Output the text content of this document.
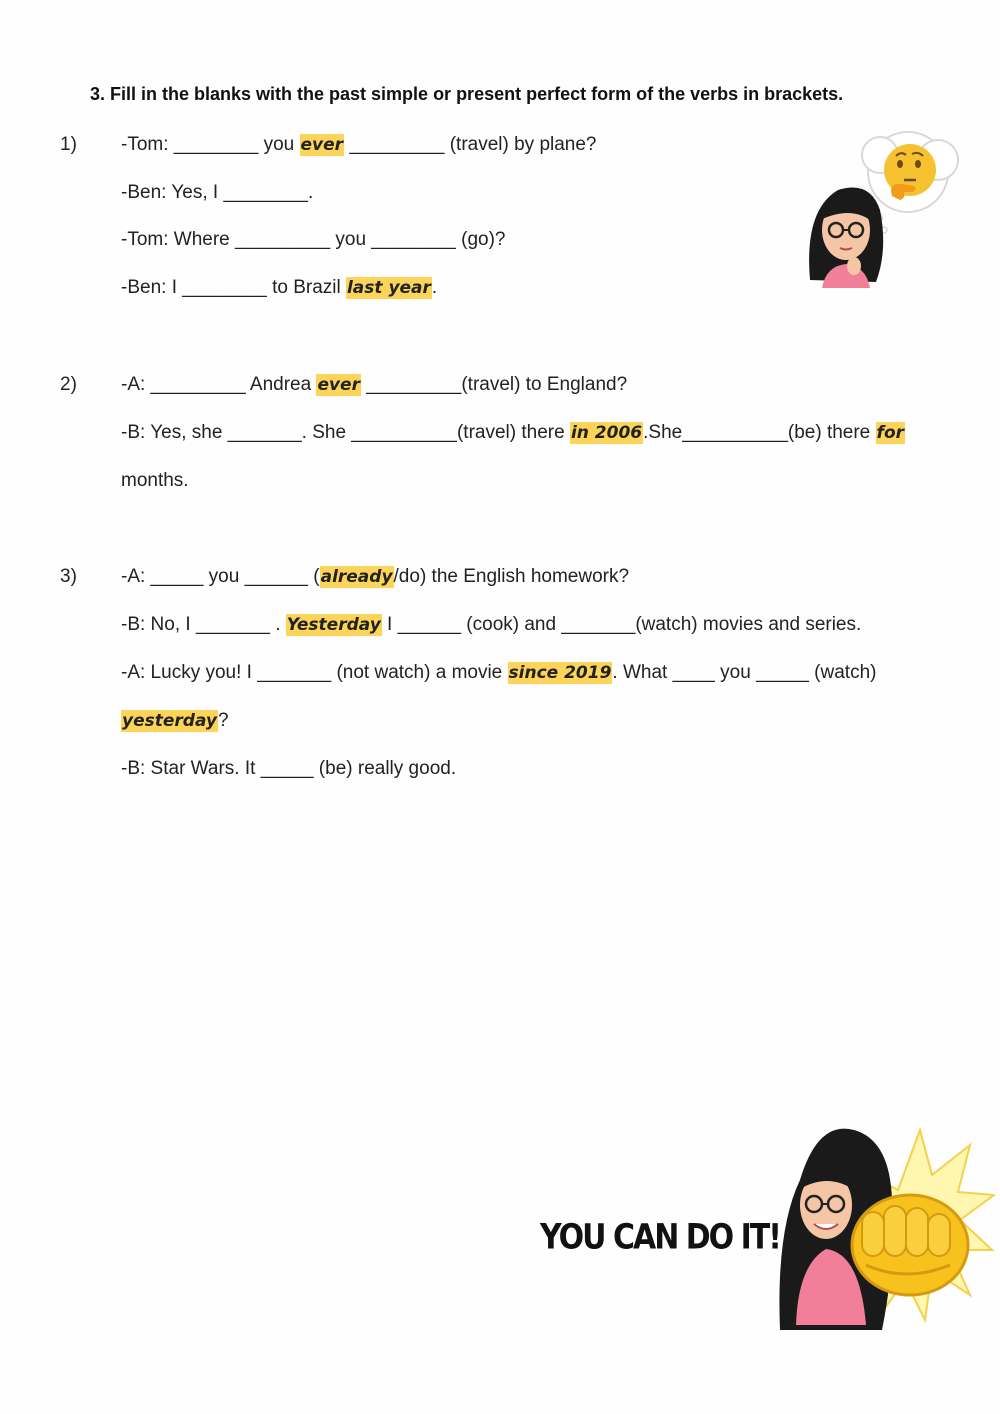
3. Fill in the blanks with the past simple or present perfect form of the verbs in brackets.
1) -Tom: ________ you ever _________ (travel) by plane?
-Ben: Yes, I ________.
-Tom: Where _________ you ________ (go)?
-Ben: I ________ to Brazil last year.
2) -A: _________ Andrea ever _________(travel) to England?
-B: Yes, she _______. She __________(travel) there in 2006.She__________(be) there for
months.
3) -A: _____ you ______ (already/do) the English homework?
-B: No, I _______ . Yesterday I ______ (cook) and _______(watch) movies and series.
-A: Lucky you! I _______ (not watch) a movie since 2019. What ____ you _____ (watch)
yesterday?
-B: Star Wars. It _____ (be) really good.
YOU CAN DO IT!
